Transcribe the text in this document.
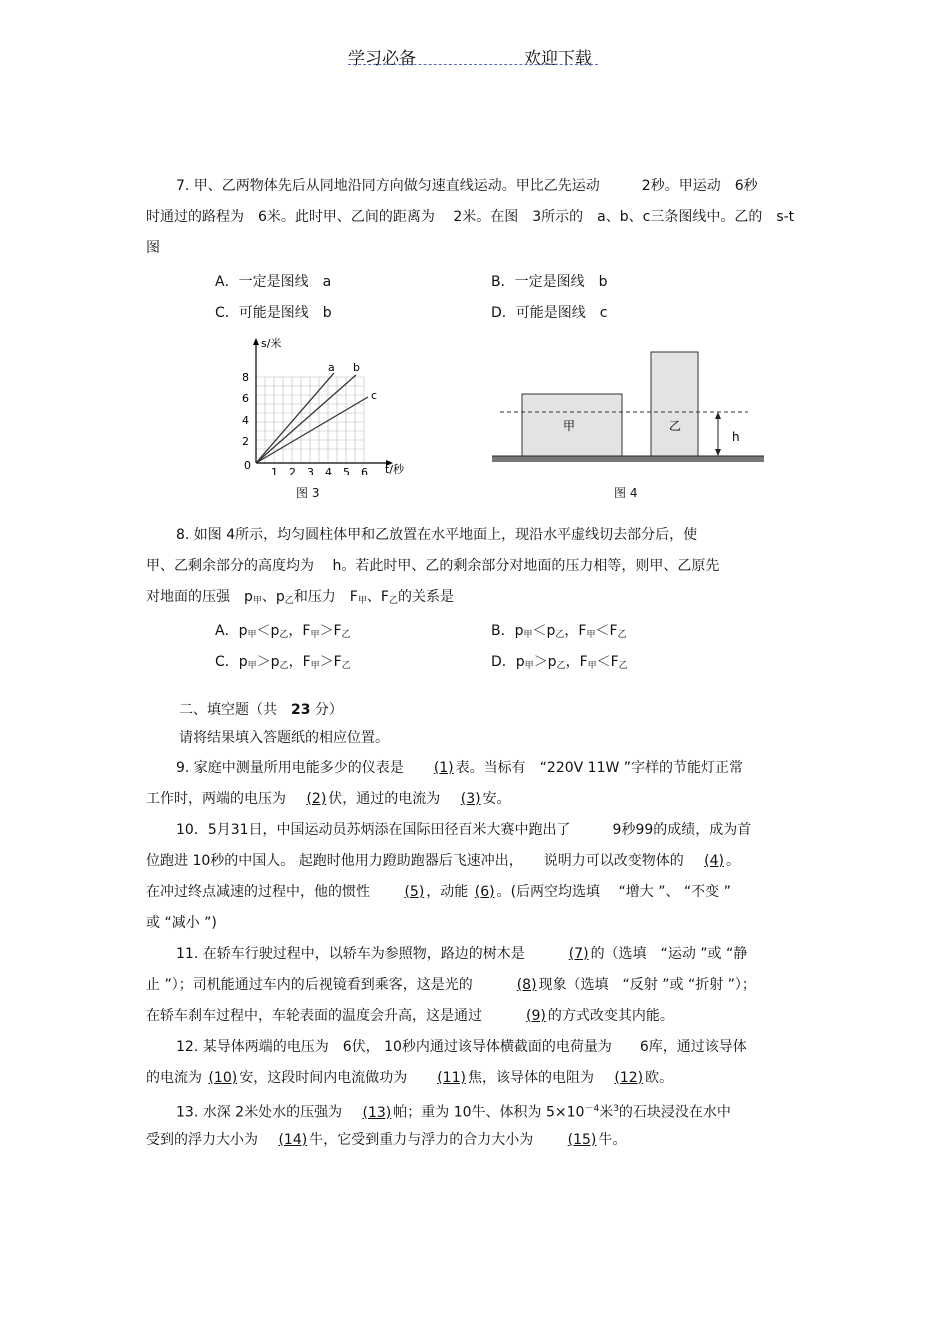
学习必备	欢迎下载
7. 甲、乙两物体先后从同地沿同方向做匀速直线运动。甲比乙先运动　　　2秒。甲运动　6秒
时通过的路程为　6米。此时甲、乙间的距离为　 2米。在图　3所示的　a、b、c三条图线中。乙的　s-t
图
A．一定是图线　a	B．一定是图线　b
C．可能是图线　b	D．可能是图线　c
s/米
t/秒
8
6
4
2
0
1 2 3 4 5 6
a b
c
图 3
甲	乙
h
图 4
8. 如图 4所示，均匀圆柱体甲和乙放置在水平地面上，现沿水平虚线切去部分后，使
甲、乙剩余部分的高度均为　 h。若此时甲、乙的剩余部分对地面的压力相等，则甲、乙原先
对地面的压强　$p_甲$、$p_乙$和压力　$F_甲$、$F_乙$的关系是
A．$p_甲<p_乙$，$F_甲>F_乙$	B．$p_甲<p_乙$，$F_甲<F_乙$
C．$p_甲>p_乙$，$F_甲>F_乙$	D．$p_甲>p_乙$，$F_甲<F_乙$
二、填空题（共　23 分）
请将结果填入答题纸的相应位置。
9. 家庭中测量所用电能多少的仪表是　　(1) 表。当标有　“220V 11W ”字样的节能灯正常
工作时，两端的电压为　 (2) 伏，通过的电流为　 (3) 安。
10．5月31日，中国运动员苏炳添在国际田径百米大赛中跑出了　　　9秒99的成绩，成为首
位跑进 10秒的中国人。 起跑时他用力蹬助跑器后飞速冲出，　　说明力可以改变物体的　 (4) 。
在冲过终点减速的过程中，他的惯性　　 (5) ，动能 (6) 。(后两空均选填　 “增大 ”、 “不变 ”
或 “减小 ”)
11. 在轿车行驶过程中，以轿车为参照物，路边的树木是　　　(7) 的（选填　“运动 ”或 “静
止 ”）；司机能通过车内的后视镜看到乘客，这是光的　　　(8) 现象（选填　“反射 ”或 “折射 ”）；
在轿车刹车过程中，车轮表面的温度会升高，这是通过　　　(9) 的方式改变其内能。
12. 某导体两端的电压为　6伏， 10秒内通过该导体横截面的电荷量为　　6库，通过该导体
的电流为 (10) 安，这段时间内电流做功为　　(11) 焦，该导体的电阻为　 (12) 欧。
13. 水深 2米处水的压强为　 (13) 帕；重为 10牛、体积为 $5\times 10^{-4}$米$^3$的石块浸没在水中
受到的浮力大小为　 (14) 牛，它受到重力与浮力的合力大小为　　 (15) 牛。
